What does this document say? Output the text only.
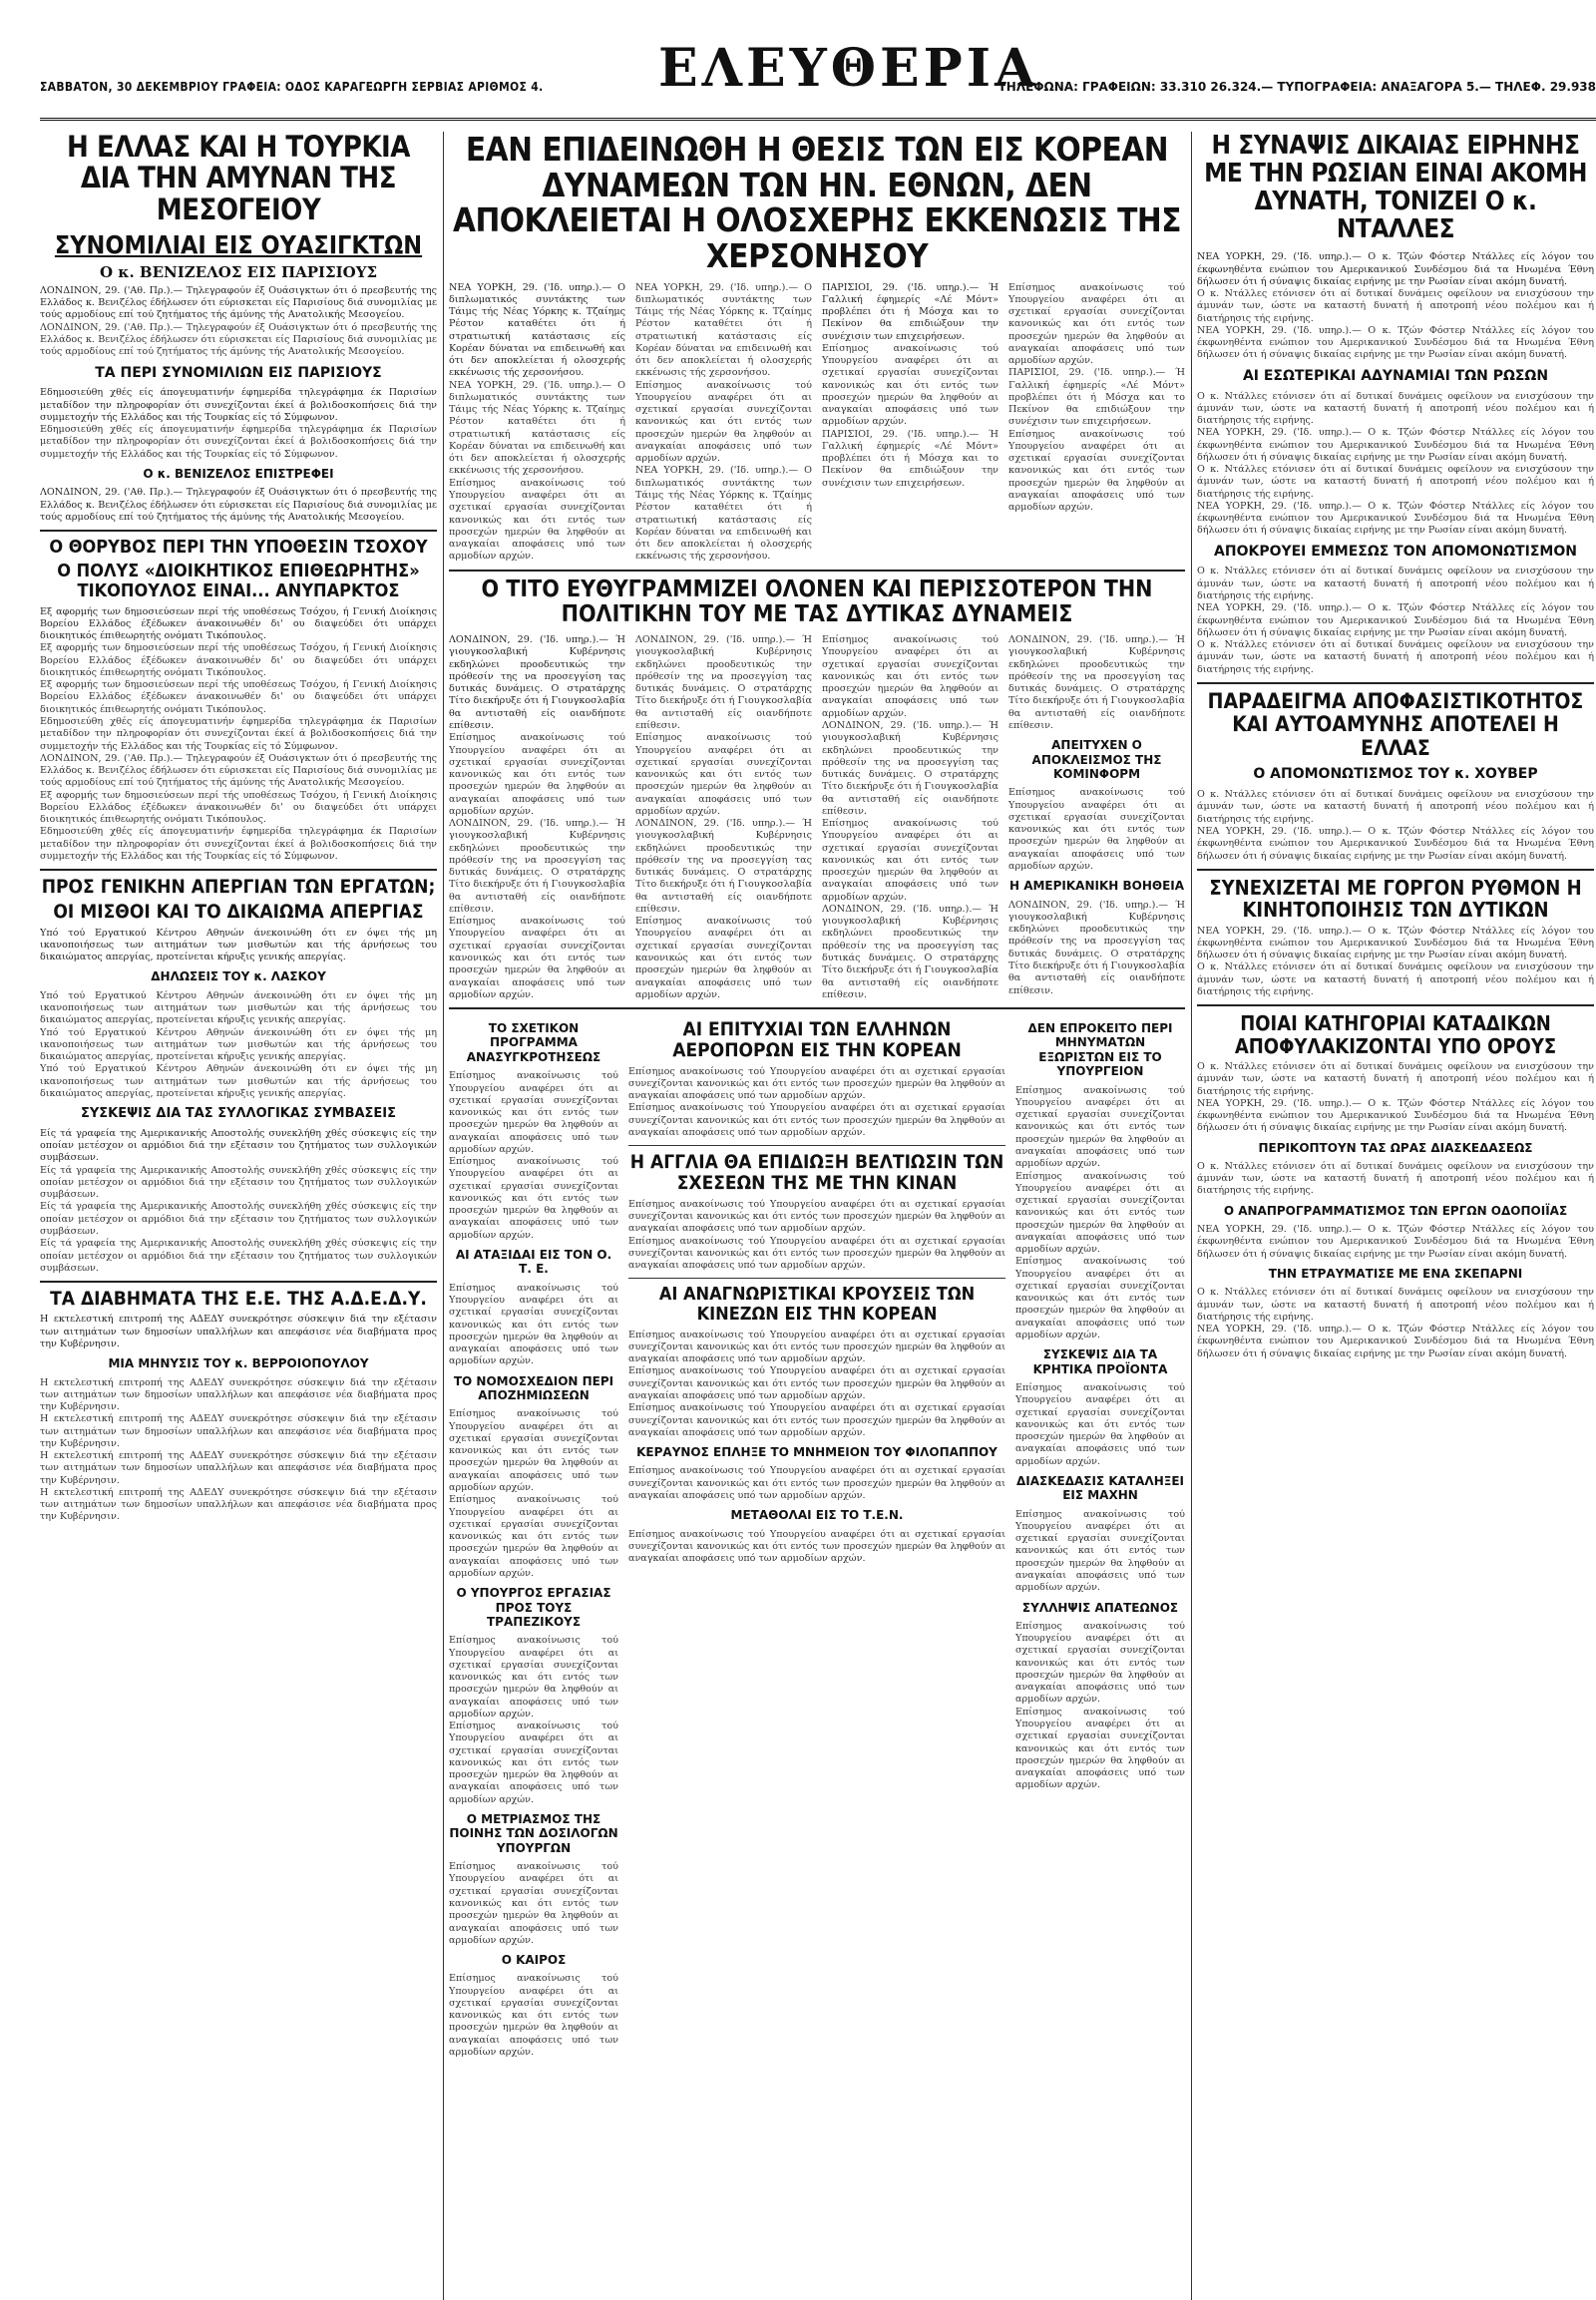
ΣΑΒΒΑΤΟΝ, 30 ΔΕΚΕΜΒΡΙΟΥ ΓΡΑΦΕΙΑ: ΟΔΟΣ ΚΑΡΑΓΕΩΡΓΗ ΣΕΡΒΙΑΣ ΑΡΙΘΜΟΣ 4. ΕΛΕΥΘΕΡΙΑ
ΤΗΛΕΦΩΝΑ: ΓΡΑΦΕΙΩΝ: 33.310 26.324.— ΤΥΠΟΓΡΑΦΕΙΑ: ΑΝΑΞΑΓΟΡΑ 5.— ΤΗΛΕΦ. 29.938
Η ΕΛΛΑΣ ΚΑΙ Η ΤΟΥΡΚΙΑ ΔΙΑ ΤΗΝ ΑΜΥΝΑΝ ΤΗΣ ΜΕΣΟΓΕΙΟΥ
ΣΥΝΟΜΙΛΙΑΙ ΕΙΣ ΟΥΑΣΙΓΚΤΩΝ
Ο κ. ΒΕΝΙΖΕΛΟΣ ΕΙΣ ΠΑΡΙΣΙΟΥΣ

ΛΟΝΔΙΝΟΝ, 29. ('Αθ. Πρ.).— Τηλεγραφούν έξ Ουάσιγκτων ότι ό πρεσβευτής της Ελλάδος κ. Βενιζέλος έδήλωσεν ότι εύρισκεται είς Παρισίους διά συνομιλίας με τούς αρμοδίους επί τού ζητήματος τής άμύνης τής Ανατολικής Μεσογείου.

ΛΟΝΔΙΝΟΝ, 29. ('Αθ. Πρ.).— Τηλεγραφούν έξ Ουάσιγκτων ότι ό πρεσβευτής της Ελλάδος κ. Βενιζέλος έδήλωσεν ότι εύρισκεται είς Παρισίους διά συνομιλίας με τούς αρμοδίους επί τού ζητήματος τής άμύνης τής Ανατολικής Μεσογείου.

ΤΑ ΠΕΡΙ ΣΥΝΟΜΙΛΙΩΝ ΕΙΣ ΠΑΡΙΣΙΟΥΣ

Εδημοσιεύθη χθές είς άπογευματινήν έφημερίδα τηλεγράφημα έκ Παρισίων μεταδίδον την πληροφορίαν ότι συνεχίζονται έκεί ά βολιδοσκοπήσεις διά την συμμετοχήν τής Ελλάδος και τής Τουρκίας είς τό Σύμφωνον.

Εδημοσιεύθη χθές είς άπογευματινήν έφημερίδα τηλεγράφημα έκ Παρισίων μεταδίδον την πληροφορίαν ότι συνεχίζονται έκεί ά βολιδοσκοπήσεις διά την συμμετοχήν τής Ελλάδος και τής Τουρκίας είς τό Σύμφωνον.

Ο κ. ΒΕΝΙΖΕΛΟΣ ΕΠΙΣΤΡΕΦΕΙ

ΛΟΝΔΙΝΟΝ, 29. ('Αθ. Πρ.).— Τηλεγραφούν έξ Ουάσιγκτων ότι ό πρεσβευτής της Ελλάδος κ. Βενιζέλος έδήλωσεν ότι εύρισκεται είς Παρισίους διά συνομιλίας με τούς αρμοδίους επί τού ζητήματος τής άμύνης τής Ανατολικής Μεσογείου.

Ο ΘΟΡΥΒΟΣ ΠΕΡΙ ΤΗΝ ΥΠΟΘΕΣΙΝ ΤΣΟΧΟΥ
Ο ΠΟΛΥΣ «ΔΙΟΙΚΗΤΙΚΟΣ ΕΠΙΘΕΩΡΗΤΗΣ» ΤΙΚΟΠΟΥΛΟΣ ΕΙΝΑΙ... ΑΝΥΠΑΡΚΤΟΣ

Εξ αφορμής των δημοσιεύσεων περί τής υποθέσεως Τσόχου, ή Γενική Διοίκησις Βορείου Ελλάδος έξέδωκεν άνακοινωθέν δι' ου διαψεύδει ότι υπάρχει διοικητικός έπιθεωρητής ονόματι Τικόπουλος.

Εξ αφορμής των δημοσιεύσεων περί τής υποθέσεως Τσόχου, ή Γενική Διοίκησις Βορείου Ελλάδος έξέδωκεν άνακοινωθέν δι' ου διαψεύδει ότι υπάρχει διοικητικός έπιθεωρητής ονόματι Τικόπουλος.

Εξ αφορμής των δημοσιεύσεων περί τής υποθέσεως Τσόχου, ή Γενική Διοίκησις Βορείου Ελλάδος έξέδωκεν άνακοινωθέν δι' ου διαψεύδει ότι υπάρχει διοικητικός έπιθεωρητής ονόματι Τικόπουλος.

Εδημοσιεύθη χθές είς άπογευματινήν έφημερίδα τηλεγράφημα έκ Παρισίων μεταδίδον την πληροφορίαν ότι συνεχίζονται έκεί ά βολιδοσκοπήσεις διά την συμμετοχήν τής Ελλάδος και τής Τουρκίας είς τό Σύμφωνον.

ΛΟΝΔΙΝΟΝ, 29. ('Αθ. Πρ.).— Τηλεγραφούν έξ Ουάσιγκτων ότι ό πρεσβευτής της Ελλάδος κ. Βενιζέλος έδήλωσεν ότι εύρισκεται είς Παρισίους διά συνομιλίας με τούς αρμοδίους επί τού ζητήματος τής άμύνης τής Ανατολικής Μεσογείου.

Εξ αφορμής των δημοσιεύσεων περί τής υποθέσεως Τσόχου, ή Γενική Διοίκησις Βορείου Ελλάδος έξέδωκεν άνακοινωθέν δι' ου διαψεύδει ότι υπάρχει διοικητικός έπιθεωρητής ονόματι Τικόπουλος.

Εδημοσιεύθη χθές είς άπογευματινήν έφημερίδα τηλεγράφημα έκ Παρισίων μεταδίδον την πληροφορίαν ότι συνεχίζονται έκεί ά βολιδοσκοπήσεις διά την συμμετοχήν τής Ελλάδος και τής Τουρκίας είς τό Σύμφωνον.

ΠΡΟΣ ΓΕΝΙΚΗΝ ΑΠΕΡΓΙΑΝ ΤΩΝ ΕΡΓΑΤΩΝ;
ΟΙ ΜΙΣΘΟΙ ΚΑΙ ΤΟ ΔΙΚΑΙΩΜΑ ΑΠΕΡΓΙΑΣ

Υπό τού Εργατικού Κέντρου Αθηνών άνεκοινώθη ότι εν όψει τής μη ικανοποιήσεως των αιτημάτων των μισθωτών και τής άρνήσεως του δικαιώματος απεργίας, προτείνεται κήρυξις γενικής απεργίας.

ΔΗΛΩΣΕΙΣ ΤΟΥ κ. ΛΑΣΚΟΥ

Υπό τού Εργατικού Κέντρου Αθηνών άνεκοινώθη ότι εν όψει τής μη ικανοποιήσεως των αιτημάτων των μισθωτών και τής άρνήσεως του δικαιώματος απεργίας, προτείνεται κήρυξις γενικής απεργίας.

Υπό τού Εργατικού Κέντρου Αθηνών άνεκοινώθη ότι εν όψει τής μη ικανοποιήσεως των αιτημάτων των μισθωτών και τής άρνήσεως του δικαιώματος απεργίας, προτείνεται κήρυξις γενικής απεργίας.

Υπό τού Εργατικού Κέντρου Αθηνών άνεκοινώθη ότι εν όψει τής μη ικανοποιήσεως των αιτημάτων των μισθωτών και τής άρνήσεως του δικαιώματος απεργίας, προτείνεται κήρυξις γενικής απεργίας.

ΣΥΣΚΕΨΙΣ ΔΙΑ ΤΑΣ ΣΥΛΛΟΓΙΚΑΣ ΣΥΜΒΑΣΕΙΣ

Είς τά γραφεία της Αμερικανικής Αποστολής συνεκλήθη χθές σύσκεψις είς την οποίαν μετέσχον οι αρμόδιοι διά την εξέτασιν του ζητήματος των συλλογικών συμβάσεων.

Είς τά γραφεία της Αμερικανικής Αποστολής συνεκλήθη χθές σύσκεψις είς την οποίαν μετέσχον οι αρμόδιοι διά την εξέτασιν του ζητήματος των συλλογικών συμβάσεων.

Είς τά γραφεία της Αμερικανικής Αποστολής συνεκλήθη χθές σύσκεψις είς την οποίαν μετέσχον οι αρμόδιοι διά την εξέτασιν του ζητήματος των συλλογικών συμβάσεων.

Είς τά γραφεία της Αμερικανικής Αποστολής συνεκλήθη χθές σύσκεψις είς την οποίαν μετέσχον οι αρμόδιοι διά την εξέτασιν του ζητήματος των συλλογικών συμβάσεων.

ΤΑ ΔΙΑΒΗΜΑΤΑ ΤΗΣ Ε.Ε. ΤΗΣ Α.Δ.Ε.Δ.Υ.

Η εκτελεστική επιτροπή της ΑΔΕΔΥ συνεκρότησε σύσκεψιν διά την εξέτασιν των αιτημάτων των δημοσίων υπαλλήλων και απεφάσισε νέα διαβήματα προς την Κυβέρνησιν.

ΜΙΑ ΜΗΝΥΣΙΣ ΤΟΥ κ. ΒΕΡΡΟΙΟΠΟΥΛΟΥ

Η εκτελεστική επιτροπή της ΑΔΕΔΥ συνεκρότησε σύσκεψιν διά την εξέτασιν των αιτημάτων των δημοσίων υπαλλήλων και απεφάσισε νέα διαβήματα προς την Κυβέρνησιν.

Η εκτελεστική επιτροπή της ΑΔΕΔΥ συνεκρότησε σύσκεψιν διά την εξέτασιν των αιτημάτων των δημοσίων υπαλλήλων και απεφάσισε νέα διαβήματα προς την Κυβέρνησιν.

Η εκτελεστική επιτροπή της ΑΔΕΔΥ συνεκρότησε σύσκεψιν διά την εξέτασιν των αιτημάτων των δημοσίων υπαλλήλων και απεφάσισε νέα διαβήματα προς την Κυβέρνησιν.

Η εκτελεστική επιτροπή της ΑΔΕΔΥ συνεκρότησε σύσκεψιν διά την εξέτασιν των αιτημάτων των δημοσίων υπαλλήλων και απεφάσισε νέα διαβήματα προς την Κυβέρνησιν.

ΕΑΝ ΕΠΙΔΕΙΝΩΘΗ Η ΘΕΣΙΣ ΤΩΝ ΕΙΣ ΚΟΡΕΑΝ ΔΥΝΑΜΕΩΝ ΤΩΝ ΗΝ. ΕΘΝΩΝ, ΔΕΝ ΑΠΟΚΛΕΙΕΤΑΙ Η ΟΛΟΣΧΕΡΗΣ ΕΚΚΕΝΩΣΙΣ ΤΗΣ ΧΕΡΣΟΝΗΣΟΥ

ΝΕΑ ΥΟΡΚΗ, 29. ('Ιδ. υπηρ.).— Ο διπλωματικός συντάκτης των Τάιμς τής Νέας Υόρκης κ. Τζαίημς Ρέστον καταθέτει ότι ή στρατιωτική κατάστασις είς Κορέαν δύναται να επιδεινωθή και ότι δεν αποκλείεται ή ολοσχερής εκκένωσις τής χερσονήσου.

ΝΕΑ ΥΟΡΚΗ, 29. ('Ιδ. υπηρ.).— Ο διπλωματικός συντάκτης των Τάιμς τής Νέας Υόρκης κ. Τζαίημς Ρέστον καταθέτει ότι ή στρατιωτική κατάστασις είς Κορέαν δύναται να επιδεινωθή και ότι δεν αποκλείεται ή ολοσχερής εκκένωσις τής χερσονήσου.

Επίσημος ανακοίνωσις τού Υπουργείου αναφέρει ότι αι σχετικαί εργασίαι συνεχίζονται κανονικώς και ότι εντός των προσεχών ημερών θα ληφθούν αι αναγκαίαι αποφάσεις υπό των αρμοδίων αρχών.

ΝΕΑ ΥΟΡΚΗ, 29. ('Ιδ. υπηρ.).— Ο διπλωματικός συντάκτης των Τάιμς τής Νέας Υόρκης κ. Τζαίημς Ρέστον καταθέτει ότι ή στρατιωτική κατάστασις είς Κορέαν δύναται να επιδεινωθή και ότι δεν αποκλείεται ή ολοσχερής εκκένωσις τής χερσονήσου.

Επίσημος ανακοίνωσις τού Υπουργείου αναφέρει ότι αι σχετικαί εργασίαι συνεχίζονται κανονικώς και ότι εντός των προσεχών ημερών θα ληφθούν αι αναγκαίαι αποφάσεις υπό των αρμοδίων αρχών.

ΝΕΑ ΥΟΡΚΗ, 29. ('Ιδ. υπηρ.).— Ο διπλωματικός συντάκτης των Τάιμς τής Νέας Υόρκης κ. Τζαίημς Ρέστον καταθέτει ότι ή στρατιωτική κατάστασις είς Κορέαν δύναται να επιδεινωθή και ότι δεν αποκλείεται ή ολοσχερής εκκένωσις τής χερσονήσου.

ΠΑΡΙΣΙΟΙ, 29. ('Ιδ. υπηρ.).— Ή Γαλλική έφημερίς «Λέ Μόντ» προβλέπει ότι ή Μόσχα και το Πεκίνον θα επιδιώξουν την συνέχισιν των επιχειρήσεων.

Επίσημος ανακοίνωσις τού Υπουργείου αναφέρει ότι αι σχετικαί εργασίαι συνεχίζονται κανονικώς και ότι εντός των προσεχών ημερών θα ληφθούν αι αναγκαίαι αποφάσεις υπό των αρμοδίων αρχών.

ΠΑΡΙΣΙΟΙ, 29. ('Ιδ. υπηρ.).— Ή Γαλλική έφημερίς «Λέ Μόντ» προβλέπει ότι ή Μόσχα και το Πεκίνον θα επιδιώξουν την συνέχισιν των επιχειρήσεων.

Επίσημος ανακοίνωσις τού Υπουργείου αναφέρει ότι αι σχετικαί εργασίαι συνεχίζονται κανονικώς και ότι εντός των προσεχών ημερών θα ληφθούν αι αναγκαίαι αποφάσεις υπό των αρμοδίων αρχών.

ΠΑΡΙΣΙΟΙ, 29. ('Ιδ. υπηρ.).— Ή Γαλλική έφημερίς «Λέ Μόντ» προβλέπει ότι ή Μόσχα και το Πεκίνον θα επιδιώξουν την συνέχισιν των επιχειρήσεων.

Επίσημος ανακοίνωσις τού Υπουργείου αναφέρει ότι αι σχετικαί εργασίαι συνεχίζονται κανονικώς και ότι εντός των προσεχών ημερών θα ληφθούν αι αναγκαίαι αποφάσεις υπό των αρμοδίων αρχών.

Ο ΤΙΤΟ ΕΥΘΥΓΡΑΜΜΙΖΕΙ ΟΛΟΝΕΝ ΚΑΙ ΠΕΡΙΣΣΟΤΕΡΟΝ ΤΗΝ ΠΟΛΙΤΙΚΗΝ ΤΟΥ ΜΕ ΤΑΣ ΔΥΤΙΚΑΣ ΔΥΝΑΜΕΙΣ

ΛΟΝΔΙΝΟΝ, 29. ('Ιδ. υπηρ.).— Ή γιουγκοσλαβική Κυβέρνησις εκδηλώνει προοδευτικώς την πρόθεσίν της να προσεγγίση τας δυτικάς δυνάμεις. Ο στρατάρχης Τίτο διεκήρυξε ότι ή Γιουγκοσλαβία θα αντισταθή είς οιανδήποτε επίθεσιν.

Επίσημος ανακοίνωσις τού Υπουργείου αναφέρει ότι αι σχετικαί εργασίαι συνεχίζονται κανονικώς και ότι εντός των προσεχών ημερών θα ληφθούν αι αναγκαίαι αποφάσεις υπό των αρμοδίων αρχών.

ΛΟΝΔΙΝΟΝ, 29. ('Ιδ. υπηρ.).— Ή γιουγκοσλαβική Κυβέρνησις εκδηλώνει προοδευτικώς την πρόθεσίν της να προσεγγίση τας δυτικάς δυνάμεις. Ο στρατάρχης Τίτο διεκήρυξε ότι ή Γιουγκοσλαβία θα αντισταθή είς οιανδήποτε επίθεσιν.

Επίσημος ανακοίνωσις τού Υπουργείου αναφέρει ότι αι σχετικαί εργασίαι συνεχίζονται κανονικώς και ότι εντός των προσεχών ημερών θα ληφθούν αι αναγκαίαι αποφάσεις υπό των αρμοδίων αρχών.

ΛΟΝΔΙΝΟΝ, 29. ('Ιδ. υπηρ.).— Ή γιουγκοσλαβική Κυβέρνησις εκδηλώνει προοδευτικώς την πρόθεσίν της να προσεγγίση τας δυτικάς δυνάμεις. Ο στρατάρχης Τίτο διεκήρυξε ότι ή Γιουγκοσλαβία θα αντισταθή είς οιανδήποτε επίθεσιν.

Επίσημος ανακοίνωσις τού Υπουργείου αναφέρει ότι αι σχετικαί εργασίαι συνεχίζονται κανονικώς και ότι εντός των προσεχών ημερών θα ληφθούν αι αναγκαίαι αποφάσεις υπό των αρμοδίων αρχών.

ΛΟΝΔΙΝΟΝ, 29. ('Ιδ. υπηρ.).— Ή γιουγκοσλαβική Κυβέρνησις εκδηλώνει προοδευτικώς την πρόθεσίν της να προσεγγίση τας δυτικάς δυνάμεις. Ο στρατάρχης Τίτο διεκήρυξε ότι ή Γιουγκοσλαβία θα αντισταθή είς οιανδήποτε επίθεσιν.

Επίσημος ανακοίνωσις τού Υπουργείου αναφέρει ότι αι σχετικαί εργασίαι συνεχίζονται κανονικώς και ότι εντός των προσεχών ημερών θα ληφθούν αι αναγκαίαι αποφάσεις υπό των αρμοδίων αρχών.

Επίσημος ανακοίνωσις τού Υπουργείου αναφέρει ότι αι σχετικαί εργασίαι συνεχίζονται κανονικώς και ότι εντός των προσεχών ημερών θα ληφθούν αι αναγκαίαι αποφάσεις υπό των αρμοδίων αρχών.

ΛΟΝΔΙΝΟΝ, 29. ('Ιδ. υπηρ.).— Ή γιουγκοσλαβική Κυβέρνησις εκδηλώνει προοδευτικώς την πρόθεσίν της να προσεγγίση τας δυτικάς δυνάμεις. Ο στρατάρχης Τίτο διεκήρυξε ότι ή Γιουγκοσλαβία θα αντισταθή είς οιανδήποτε επίθεσιν.

Επίσημος ανακοίνωσις τού Υπουργείου αναφέρει ότι αι σχετικαί εργασίαι συνεχίζονται κανονικώς και ότι εντός των προσεχών ημερών θα ληφθούν αι αναγκαίαι αποφάσεις υπό των αρμοδίων αρχών.

ΛΟΝΔΙΝΟΝ, 29. ('Ιδ. υπηρ.).— Ή γιουγκοσλαβική Κυβέρνησις εκδηλώνει προοδευτικώς την πρόθεσίν της να προσεγγίση τας δυτικάς δυνάμεις. Ο στρατάρχης Τίτο διεκήρυξε ότι ή Γιουγκοσλαβία θα αντισταθή είς οιανδήποτε επίθεσιν.

ΛΟΝΔΙΝΟΝ, 29. ('Ιδ. υπηρ.).— Ή γιουγκοσλαβική Κυβέρνησις εκδηλώνει προοδευτικώς την πρόθεσίν της να προσεγγίση τας δυτικάς δυνάμεις. Ο στρατάρχης Τίτο διεκήρυξε ότι ή Γιουγκοσλαβία θα αντισταθή είς οιανδήποτε επίθεσιν.

ΑΠΕΙΤΥΧΕΝ Ο ΑΠΟΚΛΕΙΣΜΟΣ ΤΗΣ ΚΟΜΙΝΦΟΡΜ

Επίσημος ανακοίνωσις τού Υπουργείου αναφέρει ότι αι σχετικαί εργασίαι συνεχίζονται κανονικώς και ότι εντός των προσεχών ημερών θα ληφθούν αι αναγκαίαι αποφάσεις υπό των αρμοδίων αρχών.

Η ΑΜΕΡΙΚΑΝΙΚΗ ΒΟΗΘΕΙΑ

ΛΟΝΔΙΝΟΝ, 29. ('Ιδ. υπηρ.).— Ή γιουγκοσλαβική Κυβέρνησις εκδηλώνει προοδευτικώς την πρόθεσίν της να προσεγγίση τας δυτικάς δυνάμεις. Ο στρατάρχης Τίτο διεκήρυξε ότι ή Γιουγκοσλαβία θα αντισταθή είς οιανδήποτε επίθεσιν.

ΤΟ ΣΧΕΤΙΚΟΝ ΠΡΟΓΡΑΜΜΑ ΑΝΑΣΥΓΚΡΟΤΗΣΕΩΣ

Επίσημος ανακοίνωσις τού Υπουργείου αναφέρει ότι αι σχετικαί εργασίαι συνεχίζονται κανονικώς και ότι εντός των προσεχών ημερών θα ληφθούν αι αναγκαίαι αποφάσεις υπό των αρμοδίων αρχών.

Επίσημος ανακοίνωσις τού Υπουργείου αναφέρει ότι αι σχετικαί εργασίαι συνεχίζονται κανονικώς και ότι εντός των προσεχών ημερών θα ληφθούν αι αναγκαίαι αποφάσεις υπό των αρμοδίων αρχών.

ΑΙ ΑΤΑΞΙΔΑΙ ΕΙΣ ΤΟΝ Ο. Τ. Ε.

Επίσημος ανακοίνωσις τού Υπουργείου αναφέρει ότι αι σχετικαί εργασίαι συνεχίζονται κανονικώς και ότι εντός των προσεχών ημερών θα ληφθούν αι αναγκαίαι αποφάσεις υπό των αρμοδίων αρχών.

ΤΟ ΝΟΜΟΣΧΕΔΙΟΝ ΠΕΡΙ ΑΠΟΖΗΜΙΩΣΕΩΝ

Επίσημος ανακοίνωσις τού Υπουργείου αναφέρει ότι αι σχετικαί εργασίαι συνεχίζονται κανονικώς και ότι εντός των προσεχών ημερών θα ληφθούν αι αναγκαίαι αποφάσεις υπό των αρμοδίων αρχών.

Επίσημος ανακοίνωσις τού Υπουργείου αναφέρει ότι αι σχετικαί εργασίαι συνεχίζονται κανονικώς και ότι εντός των προσεχών ημερών θα ληφθούν αι αναγκαίαι αποφάσεις υπό των αρμοδίων αρχών.

Ο ΥΠΟΥΡΓΟΣ ΕΡΓΑΣΙΑΣ ΠΡΟΣ ΤΟΥΣ ΤΡΑΠΕΖΙΚΟΥΣ

Επίσημος ανακοίνωσις τού Υπουργείου αναφέρει ότι αι σχετικαί εργασίαι συνεχίζονται κανονικώς και ότι εντός των προσεχών ημερών θα ληφθούν αι αναγκαίαι αποφάσεις υπό των αρμοδίων αρχών.

Επίσημος ανακοίνωσις τού Υπουργείου αναφέρει ότι αι σχετικαί εργασίαι συνεχίζονται κανονικώς και ότι εντός των προσεχών ημερών θα ληφθούν αι αναγκαίαι αποφάσεις υπό των αρμοδίων αρχών.

Ο ΜΕΤΡΙΑΣΜΟΣ ΤΗΣ ΠΟΙΝΗΣ ΤΩΝ ΔΟΣΙΛΟΓΩΝ ΥΠΟΥΡΓΩΝ

Επίσημος ανακοίνωσις τού Υπουργείου αναφέρει ότι αι σχετικαί εργασίαι συνεχίζονται κανονικώς και ότι εντός των προσεχών ημερών θα ληφθούν αι αναγκαίαι αποφάσεις υπό των αρμοδίων αρχών.

Ο ΚΑΙΡΟΣ

Επίσημος ανακοίνωσις τού Υπουργείου αναφέρει ότι αι σχετικαί εργασίαι συνεχίζονται κανονικώς και ότι εντός των προσεχών ημερών θα ληφθούν αι αναγκαίαι αποφάσεις υπό των αρμοδίων αρχών.

ΑΙ ΕΠΙΤΥΧΙΑΙ ΤΩΝ ΕΛΛΗΝΩΝ ΑΕΡΟΠΟΡΩΝ ΕΙΣ ΤΗΝ ΚΟΡΕΑΝ

Επίσημος ανακοίνωσις τού Υπουργείου αναφέρει ότι αι σχετικαί εργασίαι συνεχίζονται κανονικώς και ότι εντός των προσεχών ημερών θα ληφθούν αι αναγκαίαι αποφάσεις υπό των αρμοδίων αρχών.

Επίσημος ανακοίνωσις τού Υπουργείου αναφέρει ότι αι σχετικαί εργασίαι συνεχίζονται κανονικώς και ότι εντός των προσεχών ημερών θα ληφθούν αι αναγκαίαι αποφάσεις υπό των αρμοδίων αρχών.

Η ΑΓΓΛΙΑ ΘΑ ΕΠΙΔΙΩΞΗ ΒΕΛΤΙΩΣΙΝ ΤΩΝ ΣΧΕΣΕΩΝ ΤΗΣ ΜΕ ΤΗΝ ΚΙΝΑΝ

Επίσημος ανακοίνωσις τού Υπουργείου αναφέρει ότι αι σχετικαί εργασίαι συνεχίζονται κανονικώς και ότι εντός των προσεχών ημερών θα ληφθούν αι αναγκαίαι αποφάσεις υπό των αρμοδίων αρχών.

Επίσημος ανακοίνωσις τού Υπουργείου αναφέρει ότι αι σχετικαί εργασίαι συνεχίζονται κανονικώς και ότι εντός των προσεχών ημερών θα ληφθούν αι αναγκαίαι αποφάσεις υπό των αρμοδίων αρχών.

ΑΙ ΑΝΑΓΝΩΡΙΣΤΙΚΑΙ ΚΡΟΥΣΕΙΣ ΤΩΝ ΚΙΝΕΖΩΝ ΕΙΣ ΤΗΝ ΚΟΡΕΑΝ

Επίσημος ανακοίνωσις τού Υπουργείου αναφέρει ότι αι σχετικαί εργασίαι συνεχίζονται κανονικώς και ότι εντός των προσεχών ημερών θα ληφθούν αι αναγκαίαι αποφάσεις υπό των αρμοδίων αρχών.

Επίσημος ανακοίνωσις τού Υπουργείου αναφέρει ότι αι σχετικαί εργασίαι συνεχίζονται κανονικώς και ότι εντός των προσεχών ημερών θα ληφθούν αι αναγκαίαι αποφάσεις υπό των αρμοδίων αρχών.

Επίσημος ανακοίνωσις τού Υπουργείου αναφέρει ότι αι σχετικαί εργασίαι συνεχίζονται κανονικώς και ότι εντός των προσεχών ημερών θα ληφθούν αι αναγκαίαι αποφάσεις υπό των αρμοδίων αρχών.

ΚΕΡΑΥΝΟΣ ΕΠΛΗΞΕ ΤΟ ΜΝΗΜΕΙΟΝ ΤΟΥ ΦΙΛΟΠΑΠΠΟΥ

Επίσημος ανακοίνωσις τού Υπουργείου αναφέρει ότι αι σχετικαί εργασίαι συνεχίζονται κανονικώς και ότι εντός των προσεχών ημερών θα ληφθούν αι αναγκαίαι αποφάσεις υπό των αρμοδίων αρχών.

ΜΕΤΑΘΟΛΑΙ ΕΙΣ ΤΟ Τ.Ε.Ν.

Επίσημος ανακοίνωσις τού Υπουργείου αναφέρει ότι αι σχετικαί εργασίαι συνεχίζονται κανονικώς και ότι εντός των προσεχών ημερών θα ληφθούν αι αναγκαίαι αποφάσεις υπό των αρμοδίων αρχών.

ΔΕΝ ΕΠΡΟΚΕΙΤΟ ΠΕΡΙ ΜΗΝΥΜΑΤΩΝ ΕΞΩΡΙΣΤΩΝ ΕΙΣ ΤΟ ΥΠΟΥΡΓΕΙΟΝ

Επίσημος ανακοίνωσις τού Υπουργείου αναφέρει ότι αι σχετικαί εργασίαι συνεχίζονται κανονικώς και ότι εντός των προσεχών ημερών θα ληφθούν αι αναγκαίαι αποφάσεις υπό των αρμοδίων αρχών.

Επίσημος ανακοίνωσις τού Υπουργείου αναφέρει ότι αι σχετικαί εργασίαι συνεχίζονται κανονικώς και ότι εντός των προσεχών ημερών θα ληφθούν αι αναγκαίαι αποφάσεις υπό των αρμοδίων αρχών.

Επίσημος ανακοίνωσις τού Υπουργείου αναφέρει ότι αι σχετικαί εργασίαι συνεχίζονται κανονικώς και ότι εντός των προσεχών ημερών θα ληφθούν αι αναγκαίαι αποφάσεις υπό των αρμοδίων αρχών.

ΣΥΣΚΕΨΙΣ ΔΙΑ ΤΑ ΚΡΗΤΙΚΑ ΠΡΟΪΟΝΤΑ

Επίσημος ανακοίνωσις τού Υπουργείου αναφέρει ότι αι σχετικαί εργασίαι συνεχίζονται κανονικώς και ότι εντός των προσεχών ημερών θα ληφθούν αι αναγκαίαι αποφάσεις υπό των αρμοδίων αρχών.

ΔΙΑΣΚΕΔΑΣΙΣ ΚΑΤΑΛΗΞΕΙ ΕΙΣ ΜΑΧΗΝ

Επίσημος ανακοίνωσις τού Υπουργείου αναφέρει ότι αι σχετικαί εργασίαι συνεχίζονται κανονικώς και ότι εντός των προσεχών ημερών θα ληφθούν αι αναγκαίαι αποφάσεις υπό των αρμοδίων αρχών.

ΣΥΛΛΗΨΙΣ ΑΠΑΤΕΩΝΟΣ

Επίσημος ανακοίνωσις τού Υπουργείου αναφέρει ότι αι σχετικαί εργασίαι συνεχίζονται κανονικώς και ότι εντός των προσεχών ημερών θα ληφθούν αι αναγκαίαι αποφάσεις υπό των αρμοδίων αρχών.

Επίσημος ανακοίνωσις τού Υπουργείου αναφέρει ότι αι σχετικαί εργασίαι συνεχίζονται κανονικώς και ότι εντός των προσεχών ημερών θα ληφθούν αι αναγκαίαι αποφάσεις υπό των αρμοδίων αρχών.

Η ΣΥΝΑΨΙΣ ΔΙΚΑΙΑΣ ΕΙΡΗΝΗΣ ΜΕ ΤΗΝ ΡΩΣΙΑΝ ΕΙΝΑΙ ΑΚΟΜΗ ΔΥΝΑΤΗ, ΤΟΝΙΖΕΙ Ο κ. ΝΤΑΛΛΕΣ

ΝΕΑ ΥΟΡΚΗ, 29. ('Ιδ. υπηρ.).— Ο κ. Τζών Φόστερ Ντάλλες είς λόγον του έκφωνηθέντα ενώπιον του Αμερικανικού Συνδέσμου διά τα Ηνωμένα Έθνη δήλωσεν ότι ή σύναψις δικαίας ειρήνης με την Ρωσίαν είναι ακόμη δυνατή.

Ο κ. Ντάλλες ετόνισεν ότι αί δυτικαί δυνάμεις οφείλουν να ενισχύσουν την άμυνάν των, ώστε να καταστή δυνατή ή αποτροπή νέου πολέμου και ή διατήρησις τής ειρήνης.

ΝΕΑ ΥΟΡΚΗ, 29. ('Ιδ. υπηρ.).— Ο κ. Τζών Φόστερ Ντάλλες είς λόγον του έκφωνηθέντα ενώπιον του Αμερικανικού Συνδέσμου διά τα Ηνωμένα Έθνη δήλωσεν ότι ή σύναψις δικαίας ειρήνης με την Ρωσίαν είναι ακόμη δυνατή.

ΑΙ ΕΣΩΤΕΡΙΚΑΙ ΑΔΥΝΑΜΙΑΙ ΤΩΝ ΡΩΣΩΝ

Ο κ. Ντάλλες ετόνισεν ότι αί δυτικαί δυνάμεις οφείλουν να ενισχύσουν την άμυνάν των, ώστε να καταστή δυνατή ή αποτροπή νέου πολέμου και ή διατήρησις τής ειρήνης.

ΝΕΑ ΥΟΡΚΗ, 29. ('Ιδ. υπηρ.).— Ο κ. Τζών Φόστερ Ντάλλες είς λόγον του έκφωνηθέντα ενώπιον του Αμερικανικού Συνδέσμου διά τα Ηνωμένα Έθνη δήλωσεν ότι ή σύναψις δικαίας ειρήνης με την Ρωσίαν είναι ακόμη δυνατή.

Ο κ. Ντάλλες ετόνισεν ότι αί δυτικαί δυνάμεις οφείλουν να ενισχύσουν την άμυνάν των, ώστε να καταστή δυνατή ή αποτροπή νέου πολέμου και ή διατήρησις τής ειρήνης.

ΝΕΑ ΥΟΡΚΗ, 29. ('Ιδ. υπηρ.).— Ο κ. Τζών Φόστερ Ντάλλες είς λόγον του έκφωνηθέντα ενώπιον του Αμερικανικού Συνδέσμου διά τα Ηνωμένα Έθνη δήλωσεν ότι ή σύναψις δικαίας ειρήνης με την Ρωσίαν είναι ακόμη δυνατή.

ΑΠΟΚΡΟΥΕΙ ΕΜΜΕΣΩΣ ΤΟΝ ΑΠΟΜΟΝΩΤΙΣΜΟΝ

Ο κ. Ντάλλες ετόνισεν ότι αί δυτικαί δυνάμεις οφείλουν να ενισχύσουν την άμυνάν των, ώστε να καταστή δυνατή ή αποτροπή νέου πολέμου και ή διατήρησις τής ειρήνης.

ΝΕΑ ΥΟΡΚΗ, 29. ('Ιδ. υπηρ.).— Ο κ. Τζών Φόστερ Ντάλλες είς λόγον του έκφωνηθέντα ενώπιον του Αμερικανικού Συνδέσμου διά τα Ηνωμένα Έθνη δήλωσεν ότι ή σύναψις δικαίας ειρήνης με την Ρωσίαν είναι ακόμη δυνατή.

Ο κ. Ντάλλες ετόνισεν ότι αί δυτικαί δυνάμεις οφείλουν να ενισχύσουν την άμυνάν των, ώστε να καταστή δυνατή ή αποτροπή νέου πολέμου και ή διατήρησις τής ειρήνης.

ΠΑΡΑΔΕΙΓΜΑ ΑΠΟΦΑΣΙΣΤΙΚΟΤΗΤΟΣ ΚΑΙ ΑΥΤΟΑΜΥΝΗΣ ΑΠΟΤΕΛΕΙ Η ΕΛΛΑΣ
Ο ΑΠΟΜΟΝΩΤΙΣΜΟΣ ΤΟΥ κ. ΧΟΥΒΕΡ

Ο κ. Ντάλλες ετόνισεν ότι αί δυτικαί δυνάμεις οφείλουν να ενισχύσουν την άμυνάν των, ώστε να καταστή δυνατή ή αποτροπή νέου πολέμου και ή διατήρησις τής ειρήνης.

ΝΕΑ ΥΟΡΚΗ, 29. ('Ιδ. υπηρ.).— Ο κ. Τζών Φόστερ Ντάλλες είς λόγον του έκφωνηθέντα ενώπιον του Αμερικανικού Συνδέσμου διά τα Ηνωμένα Έθνη δήλωσεν ότι ή σύναψις δικαίας ειρήνης με την Ρωσίαν είναι ακόμη δυνατή.

ΣΥΝΕΧΙΖΕΤΑΙ ΜΕ ΓΟΡΓΟΝ ΡΥΘΜΟΝ Η ΚΙΝΗΤΟΠΟΙΗΣΙΣ ΤΩΝ ΔΥΤΙΚΩΝ

ΝΕΑ ΥΟΡΚΗ, 29. ('Ιδ. υπηρ.).— Ο κ. Τζών Φόστερ Ντάλλες είς λόγον του έκφωνηθέντα ενώπιον του Αμερικανικού Συνδέσμου διά τα Ηνωμένα Έθνη δήλωσεν ότι ή σύναψις δικαίας ειρήνης με την Ρωσίαν είναι ακόμη δυνατή.

Ο κ. Ντάλλες ετόνισεν ότι αί δυτικαί δυνάμεις οφείλουν να ενισχύσουν την άμυνάν των, ώστε να καταστή δυνατή ή αποτροπή νέου πολέμου και ή διατήρησις τής ειρήνης.

ΠΟΙΑΙ ΚΑΤΗΓΟΡΙΑΙ ΚΑΤΑΔΙΚΩΝ ΑΠΟΦΥΛΑΚΙΖΟΝΤΑΙ ΥΠΟ ΟΡΟΥΣ

Ο κ. Ντάλλες ετόνισεν ότι αί δυτικαί δυνάμεις οφείλουν να ενισχύσουν την άμυνάν των, ώστε να καταστή δυνατή ή αποτροπή νέου πολέμου και ή διατήρησις τής ειρήνης.

ΝΕΑ ΥΟΡΚΗ, 29. ('Ιδ. υπηρ.).— Ο κ. Τζών Φόστερ Ντάλλες είς λόγον του έκφωνηθέντα ενώπιον του Αμερικανικού Συνδέσμου διά τα Ηνωμένα Έθνη δήλωσεν ότι ή σύναψις δικαίας ειρήνης με την Ρωσίαν είναι ακόμη δυνατή.

ΠΕΡΙΚΟΠΤΟΥΝ ΤΑΣ ΩΡΑΣ ΔΙΑΣΚΕΔΑΣΕΩΣ

Ο κ. Ντάλλες ετόνισεν ότι αί δυτικαί δυνάμεις οφείλουν να ενισχύσουν την άμυνάν των, ώστε να καταστή δυνατή ή αποτροπή νέου πολέμου και ή διατήρησις τής ειρήνης.

Ο ΑΝΑΠΡΟΓΡΑΜΜΑΤΙΣΜΟΣ ΤΩΝ ΕΡΓΩΝ ΟΔΟΠΟΙΪΑΣ

ΝΕΑ ΥΟΡΚΗ, 29. ('Ιδ. υπηρ.).— Ο κ. Τζών Φόστερ Ντάλλες είς λόγον του έκφωνηθέντα ενώπιον του Αμερικανικού Συνδέσμου διά τα Ηνωμένα Έθνη δήλωσεν ότι ή σύναψις δικαίας ειρήνης με την Ρωσίαν είναι ακόμη δυνατή.

ΤΗΝ ΕΤΡΑΥΜΑΤΙΣΕ ΜΕ ΕΝΑ ΣΚΕΠΑΡΝΙ

Ο κ. Ντάλλες ετόνισεν ότι αί δυτικαί δυνάμεις οφείλουν να ενισχύσουν την άμυνάν των, ώστε να καταστή δυνατή ή αποτροπή νέου πολέμου και ή διατήρησις τής ειρήνης.

ΝΕΑ ΥΟΡΚΗ, 29. ('Ιδ. υπηρ.).— Ο κ. Τζών Φόστερ Ντάλλες είς λόγον του έκφωνηθέντα ενώπιον του Αμερικανικού Συνδέσμου διά τα Ηνωμένα Έθνη δήλωσεν ότι ή σύναψις δικαίας ειρήνης με την Ρωσίαν είναι ακόμη δυνατή.
